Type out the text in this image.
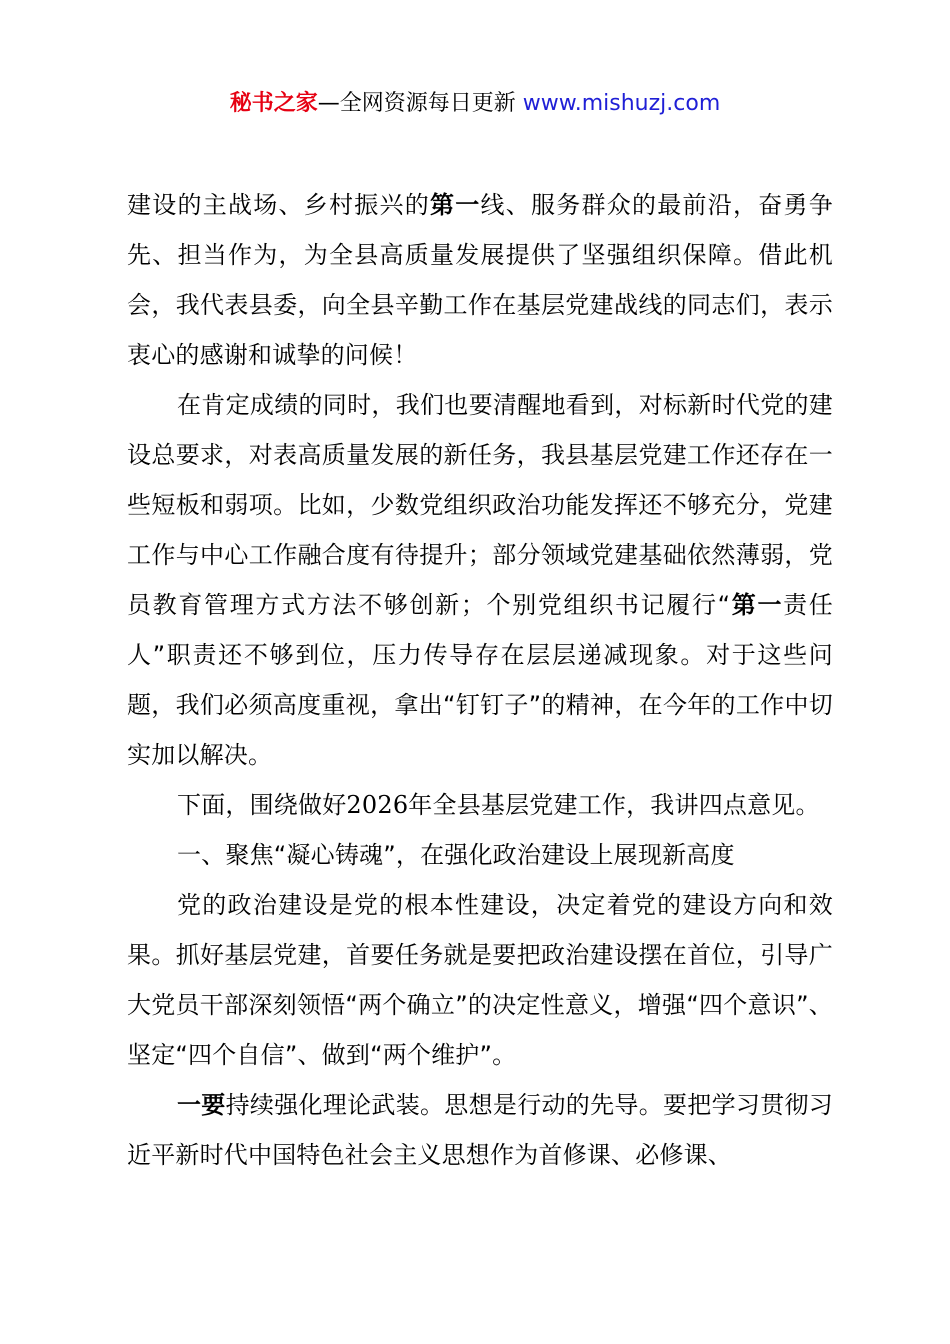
秘书之家—全网资源每日更新 www.mishuzj.com

建设的主战场、乡村振兴的第一线、服务群众的最前沿，奋勇争先、担当作为，为全县高质量发展提供了坚强组织保障。借此机会，我代表县委，向全县辛勤工作在基层党建战线的同志们，表示衷心的感谢和诚挚的问候！

在肯定成绩的同时，我们也要清醒地看到，对标新时代党的建设总要求，对表高质量发展的新任务，我县基层党建工作还存在一些短板和弱项。比如，少数党组织政治功能发挥还不够充分，党建工作与中心工作融合度有待提升；部分领域党建基础依然薄弱，党员教育管理方式方法不够创新；个别党组织书记履行“第一责任人”职责还不够到位，压力传导存在层层递减现象。对于这些问题，我们必须高度重视，拿出“钉钉子”的精神，在今年的工作中切实加以解决。

下面，围绕做好2026年全县基层党建工作，我讲四点意见。

一、聚焦“凝心铸魂”，在强化政治建设上展现新高度

党的政治建设是党的根本性建设，决定着党的建设方向和效果。抓好基层党建，首要任务就是要把政治建设摆在首位，引导广大党员干部深刻领悟“两个确立”的决定性意义，增强“四个意识”、坚定“四个自信”、做到“两个维护”。

一要持续强化理论武装。思想是行动的先导。要把学习贯彻习近平新时代中国特色社会主义思想作为首修课、必修课、
